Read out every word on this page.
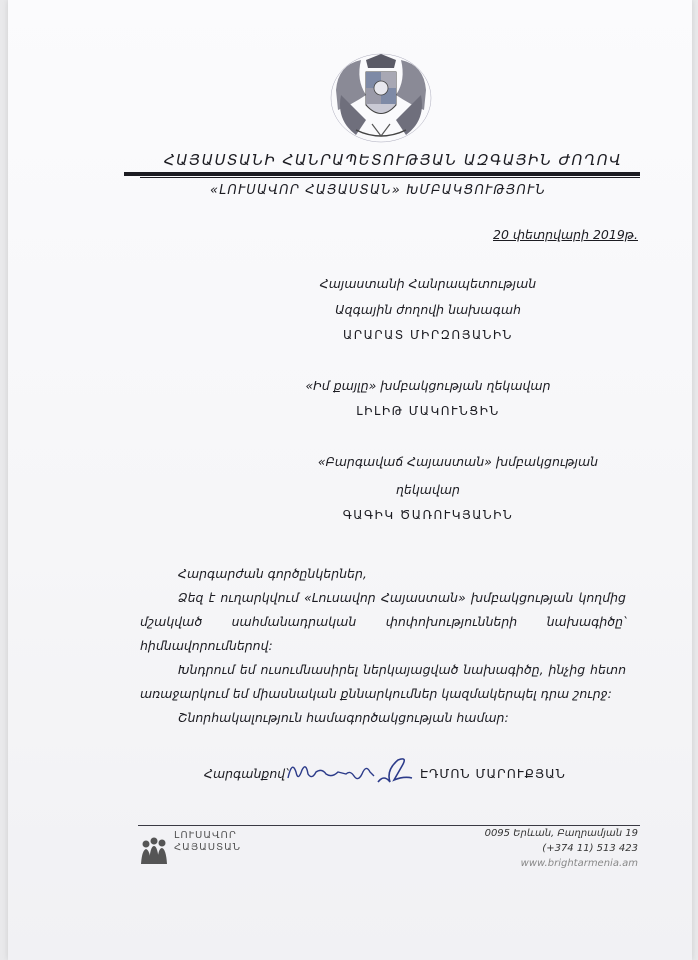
ՀԱՅԱՍՏԱՆԻ ՀԱՆՐԱՊԵՏՈՒԹՅԱՆ ԱԶԳԱՅԻՆ ԺՈՂՈՎ
«ԼՈՒՍԱՎՈՐ ՀԱՅԱՍՏԱՆ» ԽՄԲԱԿՑՈՒԹՅՈՒՆ
20 փետրվարի 2019թ.
Հայաստանի Հանրապետության
Ազգային ժողովի նախագահ
ԱՐԱՐԱՏ ՄԻՐԶՈՅԱՆԻՆ
«Իմ քայլը» խմբակցության ղեկավար
ԼԻԼԻԹ ՄԱԿՈՒՆՑԻՆ
«Բարգավաճ Հայաստան» խմբակցության
ղեկավար
ԳԱԳԻԿ ԾԱՌՈՒԿՅԱՆԻՆ
Հարգարժան գործընկերներ,
Ձեզ է ուղարկվում «Լուսավոր Հայաստան» խմբակցության կողմից
մշակված սահմանադրական փոփոխությունների նախագիծը՝
հիմնավորումներով:
Խնդրում եմ ուսումնասիրել ներկայացված նախագիծը, ինչից հետո
առաջարկում եմ միասնական քննարկումներ կազմակերպել դրա շուրջ:
Շնորհակալություն համագործակցության համար:
Հարգանքով՝	ԷԴՄՈՆ ՄԱՐՈՒՔՅԱՆ
ԼՈՒՍԱՎՈՐ
ՀԱՅԱՍՏԱՆ
0095 Երևան, Բաղրամյան 19
(+374 11) 513 423
www.brightarmenia.am
